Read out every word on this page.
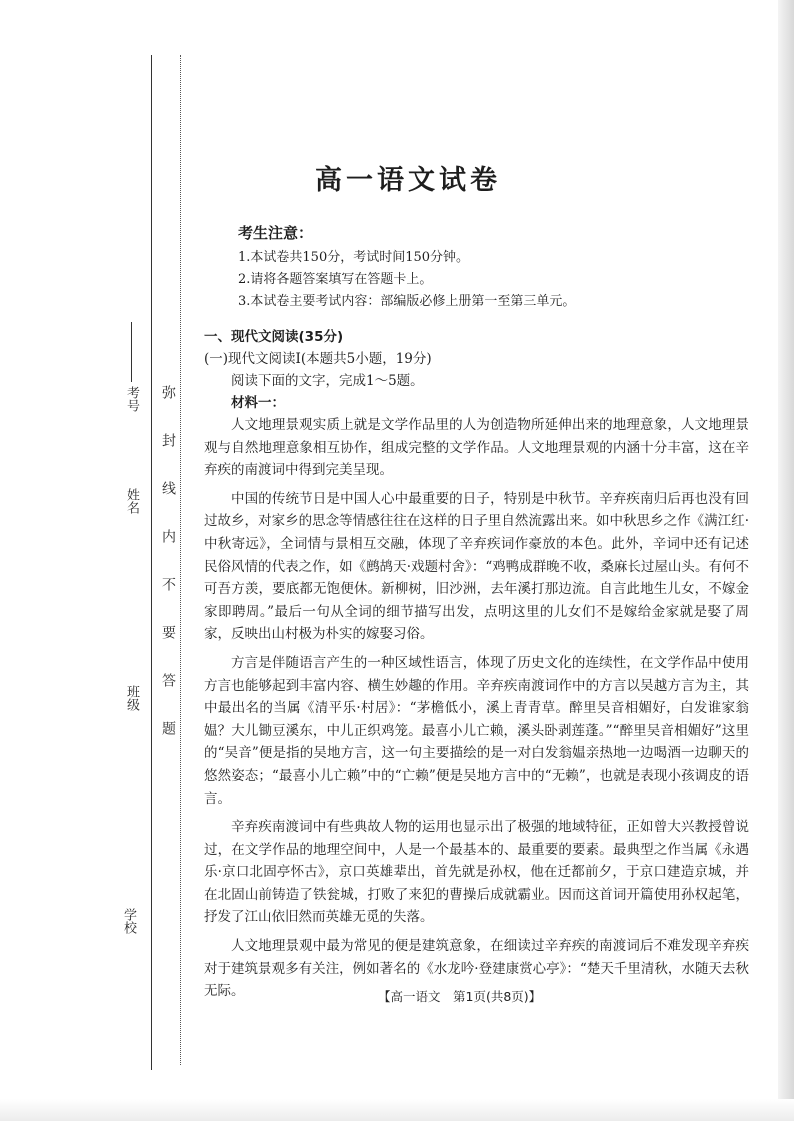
考号
姓名
班级
学校
弥封线内不要答题
高一语文试卷
考生注意：
1.本试卷共150分，考试时间150分钟。
2.请将各题答案填写在答题卡上。
3.本试卷主要考试内容：部编版必修上册第一至第三单元。
一、现代文阅读(35分)
(一)现代文阅读Ⅰ(本题共5小题，19分)
阅读下面的文字，完成1～5题。
材料一：

人文地理景观实质上就是文学作品里的人为创造物所延伸出来的地理意象，人文地理景观与自然地理意象相互协作，组成完整的文学作品。人文地理景观的内涵十分丰富，这在辛弃疾的南渡词中得到完美呈现。

中国的传统节日是中国人心中最重要的日子，特别是中秋节。辛弃疾南归后再也没有回过故乡，对家乡的思念等情感往往在这样的日子里自然流露出来。如中秋思乡之作《满江红·中秋寄远》，全词情与景相互交融，体现了辛弃疾词作豪放的本色。此外，辛词中还有记述民俗风情的代表之作，如《鹧鸪天·戏题村舍》：“鸡鸭成群晚不收，桑麻长过屋山头。有何不可吾方羡，要底都无饱便休。新柳树，旧沙洲，去年溪打那边流。自言此地生儿女，不嫁金家即聘周。”最后一句从全词的细节描写出发，点明这里的儿女们不是嫁给金家就是娶了周家，反映出山村极为朴实的嫁娶习俗。

方言是伴随语言产生的一种区域性语言，体现了历史文化的连续性，在文学作品中使用方言也能够起到丰富内容、横生妙趣的作用。辛弃疾南渡词作中的方言以吴越方言为主，其中最出名的当属《清平乐·村居》：“茅檐低小，溪上青青草。醉里吴音相媚好，白发谁家翁媪？大儿锄豆溪东，中儿正织鸡笼。最喜小儿亡赖，溪头卧剥莲蓬。”“醉里吴音相媚好”这里的“吴音”便是指的吴地方言，这一句主要描绘的是一对白发翁媪亲热地一边喝酒一边聊天的悠然姿态；“最喜小儿亡赖”中的“亡赖”便是吴地方言中的“无赖”，也就是表现小孩调皮的语言。

辛弃疾南渡词中有些典故人物的运用也显示出了极强的地域特征，正如曾大兴教授曾说过，在文学作品的地理空间中，人是一个最基本的、最重要的要素。最典型之作当属《永遇乐·京口北固亭怀古》，京口英雄辈出，首先就是孙权，他在迁都前夕，于京口建造京城，并在北固山前铸造了铁瓮城，打败了来犯的曹操后成就霸业。因而这首词开篇使用孙权起笔，抒发了江山依旧然而英雄无觅的失落。

人文地理景观中最为常见的便是建筑意象，在细读过辛弃疾的南渡词后不难发现辛弃疾对于建筑景观多有关注，例如著名的《水龙吟·登建康赏心亭》：“楚天千里清秋，水随天去秋无际。	【高一语文　第1页(共8页)】
